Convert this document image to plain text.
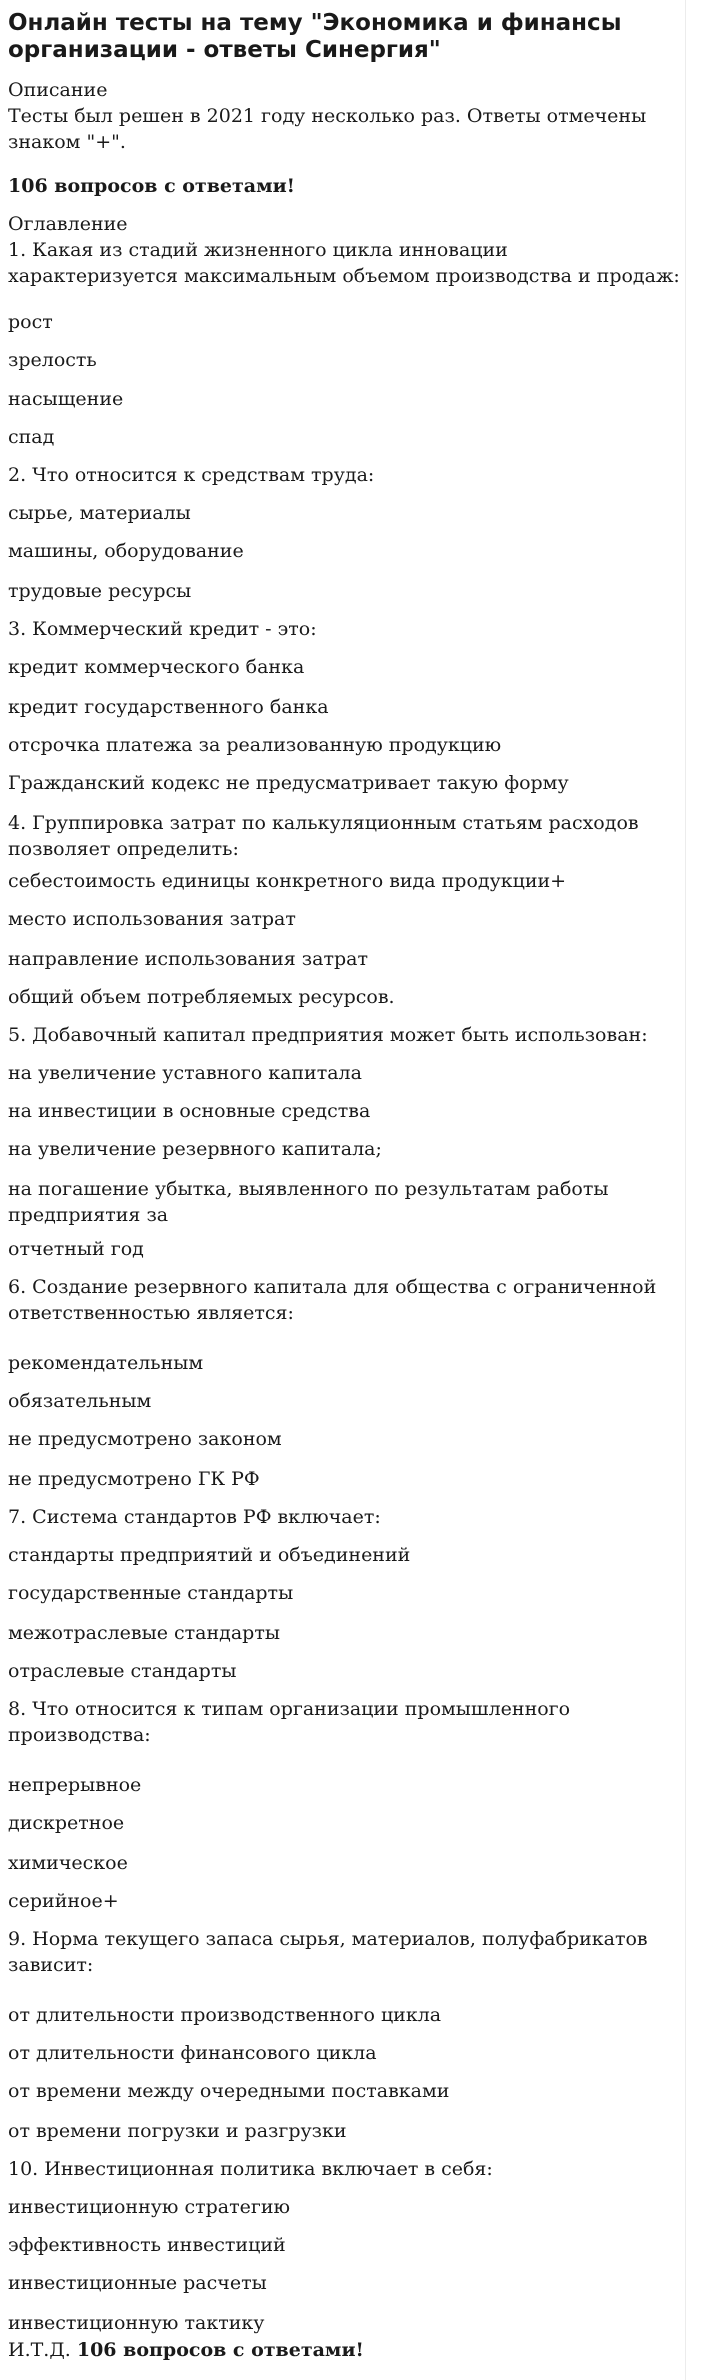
Онлайн тесты на тему "Экономика и финансы организации - ответы Синергия"
Описание
Тесты был решен в 2021 году несколько раз. Ответы отмечены знаком "+".
106 вопросов с ответами!
Оглавление
1. Какая из стадий жизненного цикла инновации характеризуется максимальным объемом производства и продаж:
рост
зрелость
насыщение
спад
2. Что относится к средствам труда:
сырье, материалы
машины, оборудование
трудовые ресурсы
3. Коммерческий кредит - это:
кредит коммерческого банка
кредит государственного банка
отсрочка платежа за реализованную продукцию
Гражданский кодекс не предусматривает такую форму
4. Группировка затрат по калькуляционным статьям расходов позволяет определить:
себестоимость единицы конкретного вида продукции+
место использования затрат
направление использования затрат
общий объем потребляемых ресурсов.
5. Добавочный капитал предприятия может быть использован:
на увеличение уставного капитала
на инвестиции в основные средства
на увеличение резервного капитала;
на погашение убытка, выявленного по результатам работы предприятия за
отчетный год
6. Создание резервного капитала для общества с ограниченной ответственностью является:
рекомендательным
обязательным
не предусмотрено законом
не предусмотрено ГК РФ
7. Система стандартов РФ включает:
стандарты предприятий и объединений
государственные стандарты
межотраслевые стандарты
отраслевые стандарты
8. Что относится к типам организации промышленного производства:
непрерывное
дискретное
химическое
серийное+
9. Норма текущего запаса сырья, материалов, полуфабрикатов зависит:
от длительности производственного цикла
от длительности финансового цикла
от времени между очередными поставками
от времени погрузки и разгрузки
10. Инвестиционная политика включает в себя:
инвестиционную стратегию
эффективность инвестиций
инвестиционные расчеты
инвестиционную тактику
И.Т.Д. 106 вопросов с ответами!
